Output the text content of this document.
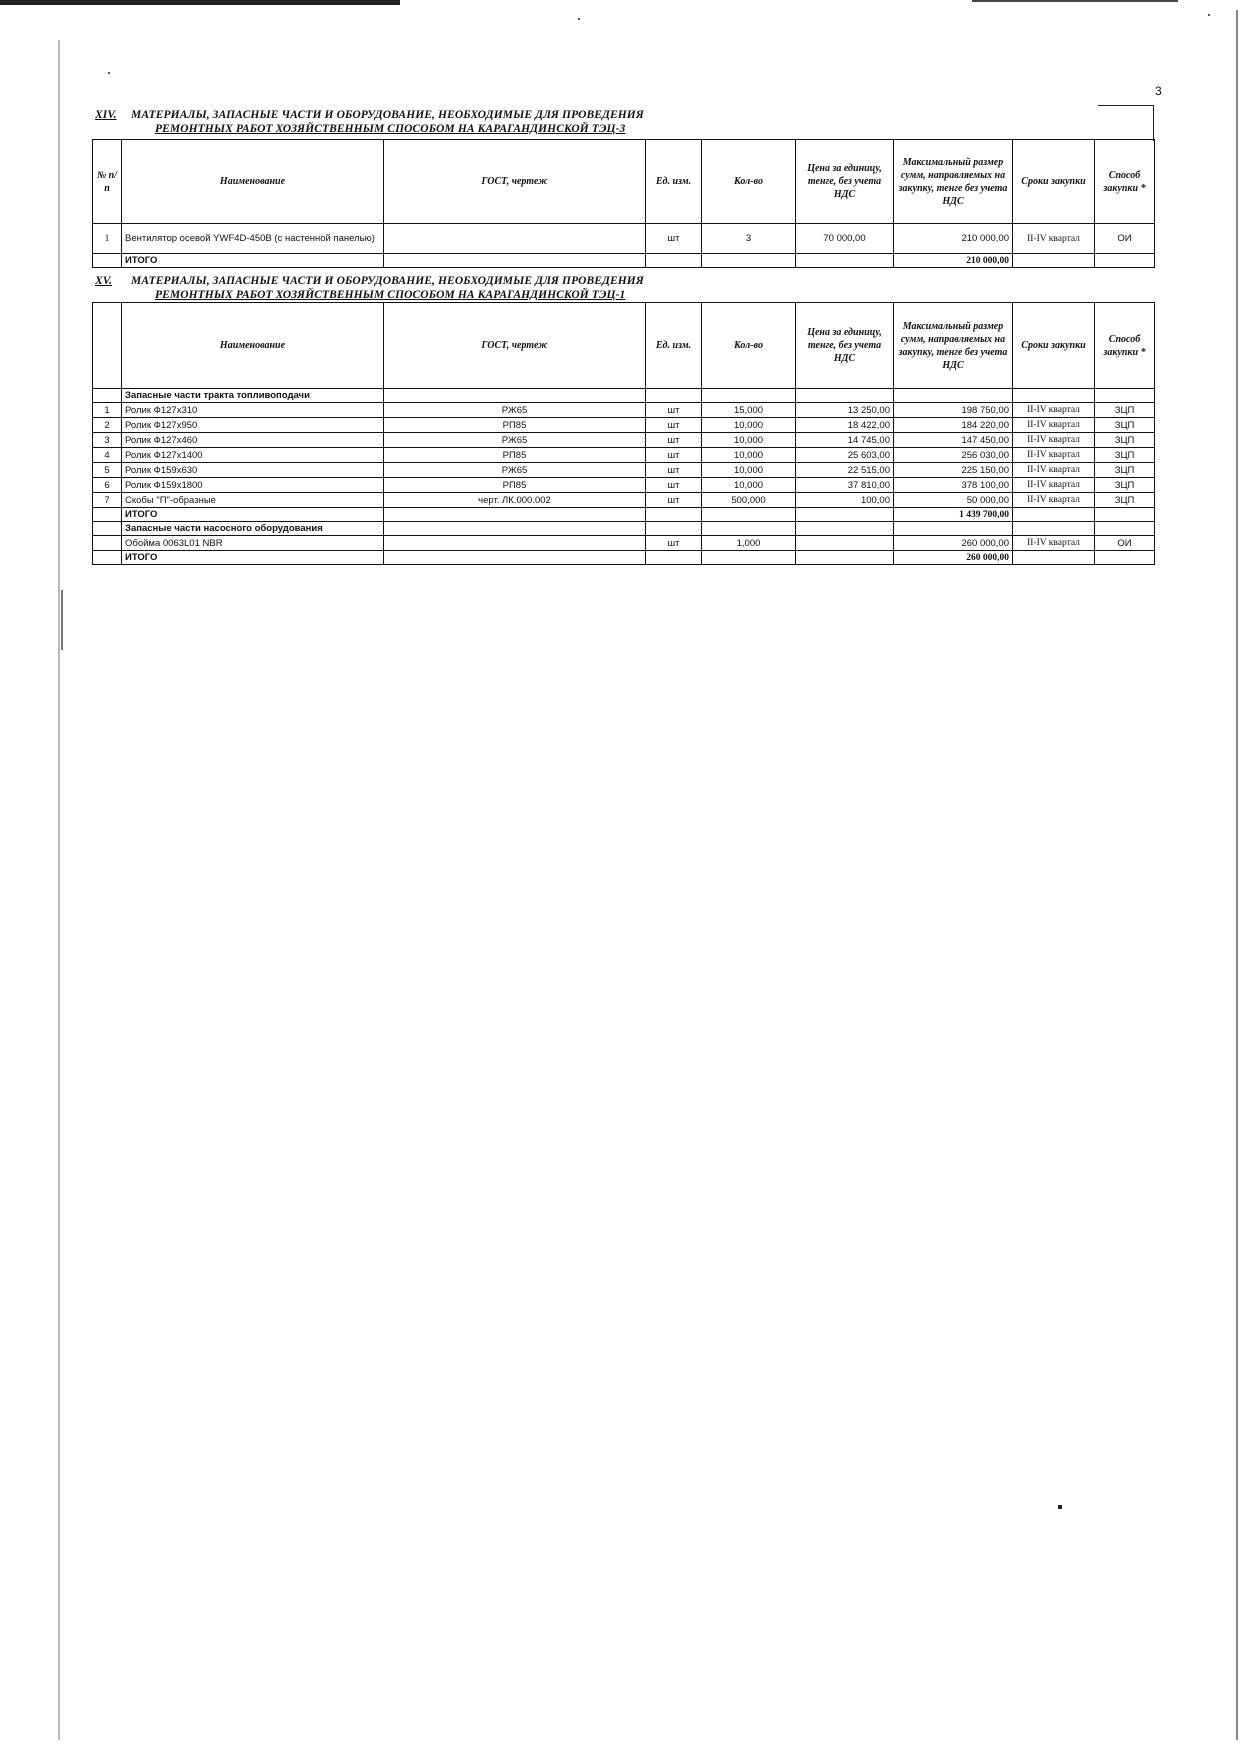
3
XIV. МАТЕРИАЛЫ, ЗАПАСНЫЕ ЧАСТИ И ОБОРУДОВАНИЕ, НЕОБХОДИМЫЕ ДЛЯ ПРОВЕДЕНИЯ
РЕМОНТНЫХ РАБОТ ХОЗЯЙСТВЕННЫМ СПОСОБОМ НА КАРАГАНДИНСКОЙ ТЭЦ-3
№ п/п	Наименование	ГОСТ, чертеж	Ед. изм.	Кол-во	Цена за единицу, тенге, без учета НДС	Максимальный размер сумм, направляемых на закупку, тенге без учета НДС	Сроки закупки	Способ закупки *
1	Вентилятор осевой YWF4D-450B (с настенной панелью)		шт	3	70 000,00	210 000,00	II-IV квартал	ОИ
	ИТОГО					210 000,00		
XV. МАТЕРИАЛЫ, ЗАПАСНЫЕ ЧАСТИ И ОБОРУДОВАНИЕ, НЕОБХОДИМЫЕ ДЛЯ ПРОВЕДЕНИЯ
РЕМОНТНЫХ РАБОТ ХОЗЯЙСТВЕННЫМ СПОСОБОМ НА КАРАГАНДИНСКОЙ ТЭЦ-1
	Наименование	ГОСТ, чертеж	Ед. изм.	Кол-во	Цена за единицу, тенге, без учета НДС	Максимальный размер сумм, направляемых на закупку, тенге без учета НДС	Сроки закупки	Способ закупки *
	Запасные части тракта топливоподачи							
1	Ролик Ф127х310	РЖ65	шт	15,000	13 250,00	198 750,00	II-IV квартал	ЗЦП
2	Ролик Ф127х950	РП85	шт	10,000	18 422,00	184 220,00	II-IV квартал	ЗЦП
3	Ролик Ф127х460	РЖ65	шт	10,000	14 745,00	147 450,00	II-IV квартал	ЗЦП
4	Ролик Ф127х1400	РП85	шт	10,000	25 603,00	256 030,00	II-IV квартал	ЗЦП
5	Ролик Ф159х630	РЖ65	шт	10,000	22 515,00	225 150,00	II-IV квартал	ЗЦП
6	Ролик Ф159х1800	РП85	шт	10,000	37 810,00	378 100,00	II-IV квартал	ЗЦП
7	Скобы "П"-образные	черт. ЛК.000.002	шт	500,000	100,00	50 000,00	II-IV квартал	ЗЦП
	ИТОГО					1 439 700,00		
	Запасные части насосного оборудования							
	Обойма 0063L01 NBR		шт	1,000		260 000,00	II-IV квартал	ОИ
	ИТОГО					260 000,00		
